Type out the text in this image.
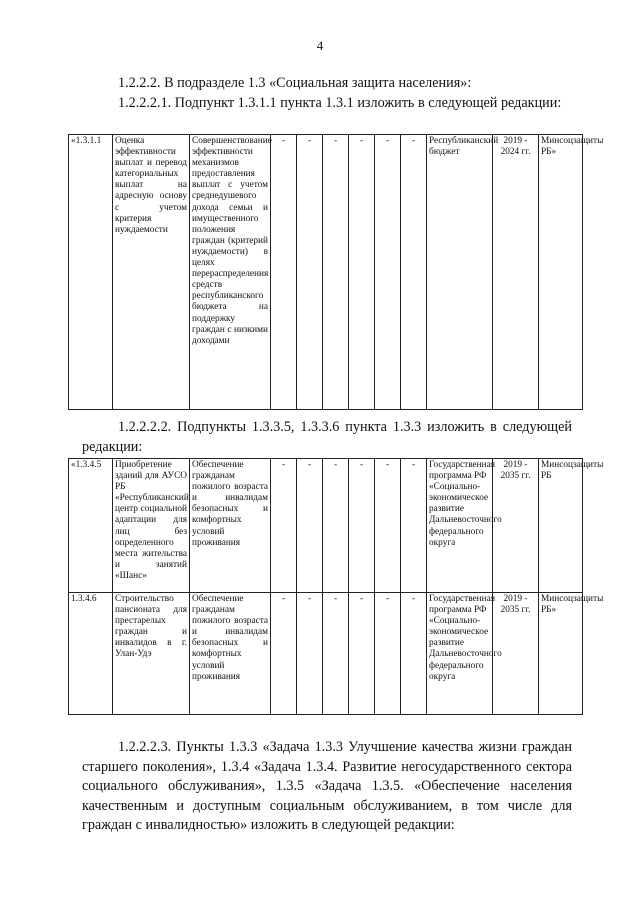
4

1.2.2.2. В подразделе 1.3 «Социальная защита населения»:

1.2.2.2.1. Подпункт 1.3.1.1 пункта 1.3.1 изложить в следующей редакции:

«1.3.1.1	Оценка эффективности выплат и перевод категориальных выплат на адресную основу с учетом критерия нуждаемости	Совершенствование эффективности механизмов предоставления выплат с учетом среднедушевого дохода семьи и имущественного положения граждан (критерий нуждаемости) в целях перераспределения средств республиканского бюджета на поддержку граждан с низкими доходами	-	-	-	-	-	-	Республиканский бюджет	2019 - 2024 гг.	Минсоцзащиты РБ»

1.2.2.2.2. Подпункты 1.3.3.5, 1.3.3.6 пункта 1.3.3 изложить в следующей редакции:

«1.3.4.5	Приобретение зданий для АУСО РБ «Республиканский центр социальной адаптации для лиц без определенного места жительства и занятий «Шанс»	Обеспечение гражданам пожилого возраста и инвалидам безопасных и комфортных условий проживания	-	-	-	-	-	-	Государственная программа РФ «Социально-экономическое развитие Дальневосточного федерального округа	2019 - 2035 гг.	Минсоцзащиты РБ
1.3.4.6	Строительство пансионата для престарелых граждан и инвалидов в г. Улан-Удэ	Обеспечение гражданам пожилого возраста и инвалидам безопасных и комфортных условий проживания	-	-	-	-	-	-	Государственная программа РФ «Социально-экономическое развитие Дальневосточного федерального округа	2019 - 2035 гг.	Минсоцзащиты РБ»

1.2.2.2.3. Пункты 1.3.3 «Задача 1.3.3 Улучшение качества жизни граждан старшего поколения», 1.3.4 «Задача 1.3.4. Развитие негосударственного сектора социального обслуживания», 1.3.5 «Задача 1.3.5. «Обеспечение населения качественным и доступным социальным обслуживанием, в том числе для граждан с инвалидностью» изложить в следующей редакции:
